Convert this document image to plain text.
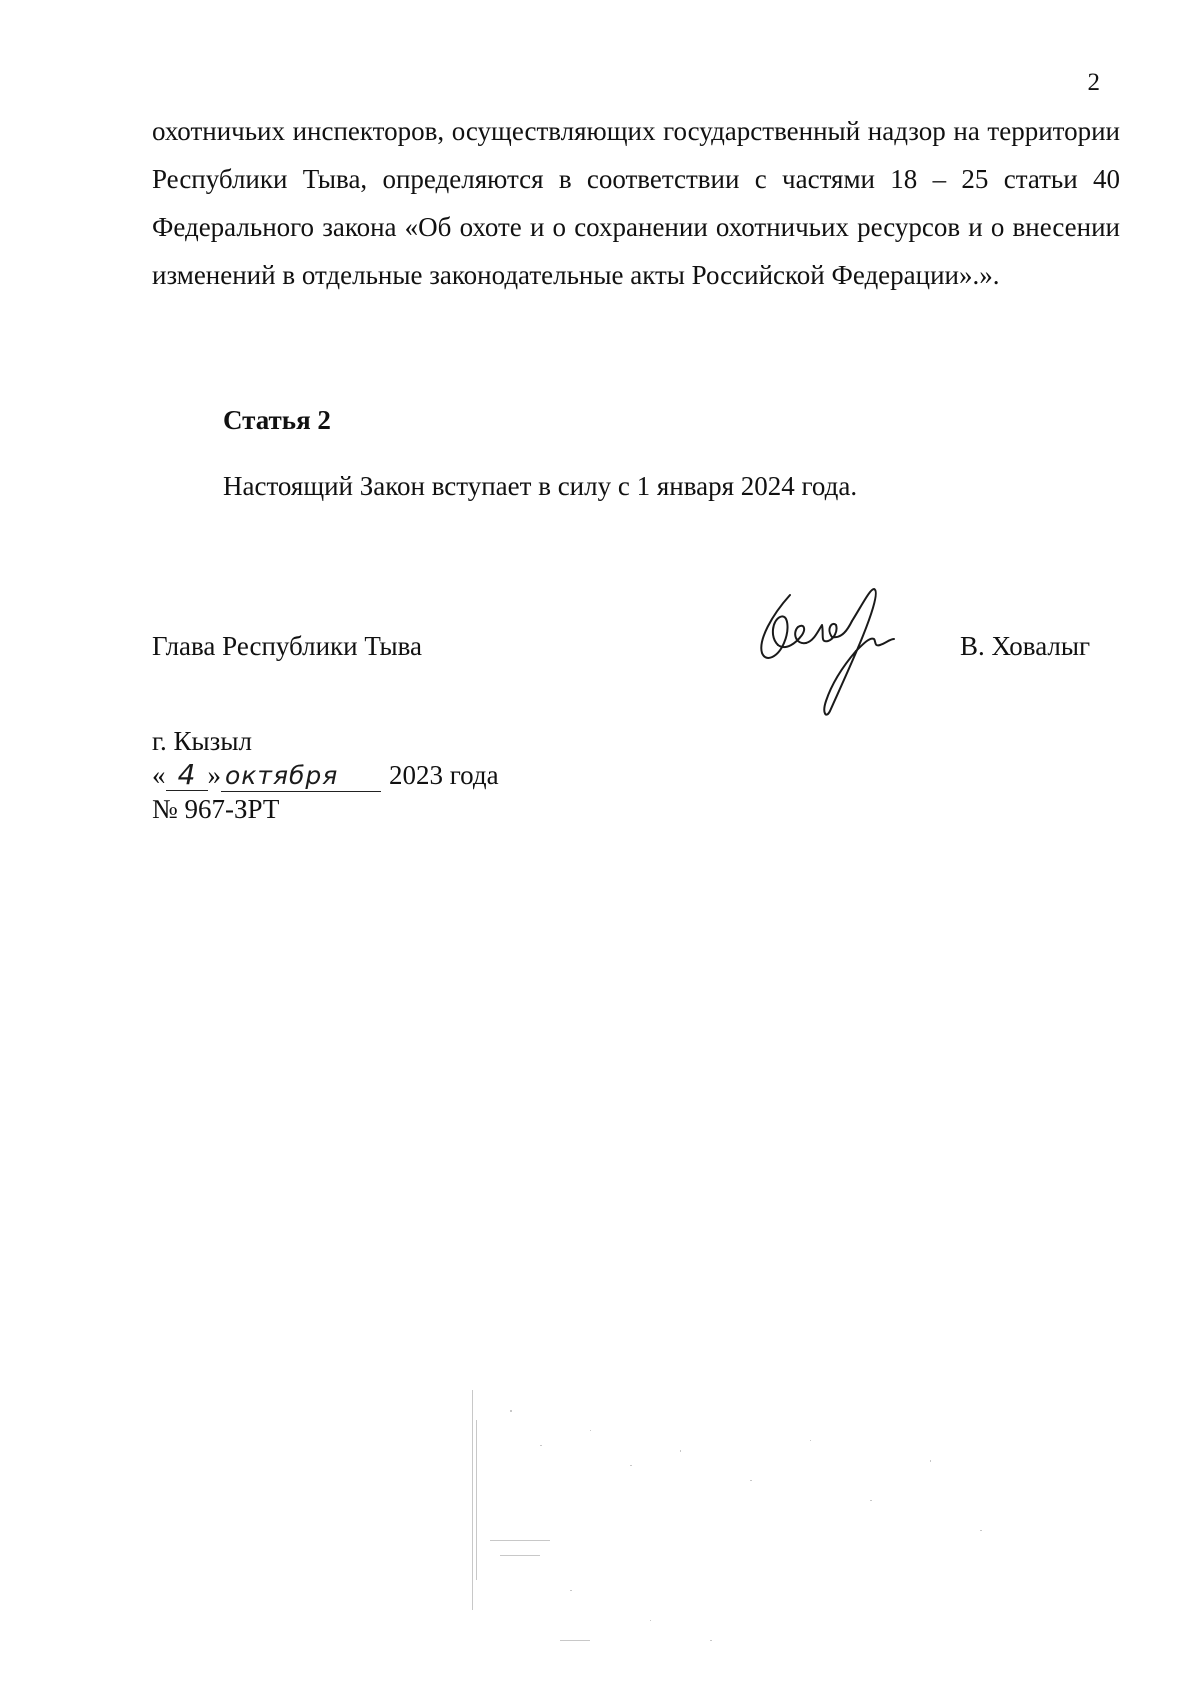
2

охотничьих инспекторов, осуществляющих государственный надзор на территории Республики Тыва, определяются в соответствии с частями 18 – 25 статьи 40 Федерального закона «Об охоте и о сохранении охотничьих ресурсов и о внесении изменений в отдельные законодательные акты Российской Федерации».».

Статья 2
Настоящий Закон вступает в силу с 1 января 2024 года.
Глава Республики Тыва	В. Ховалыг
г. Кызыл
« 4 » октября	2023 года
№ 967-ЗРТ
